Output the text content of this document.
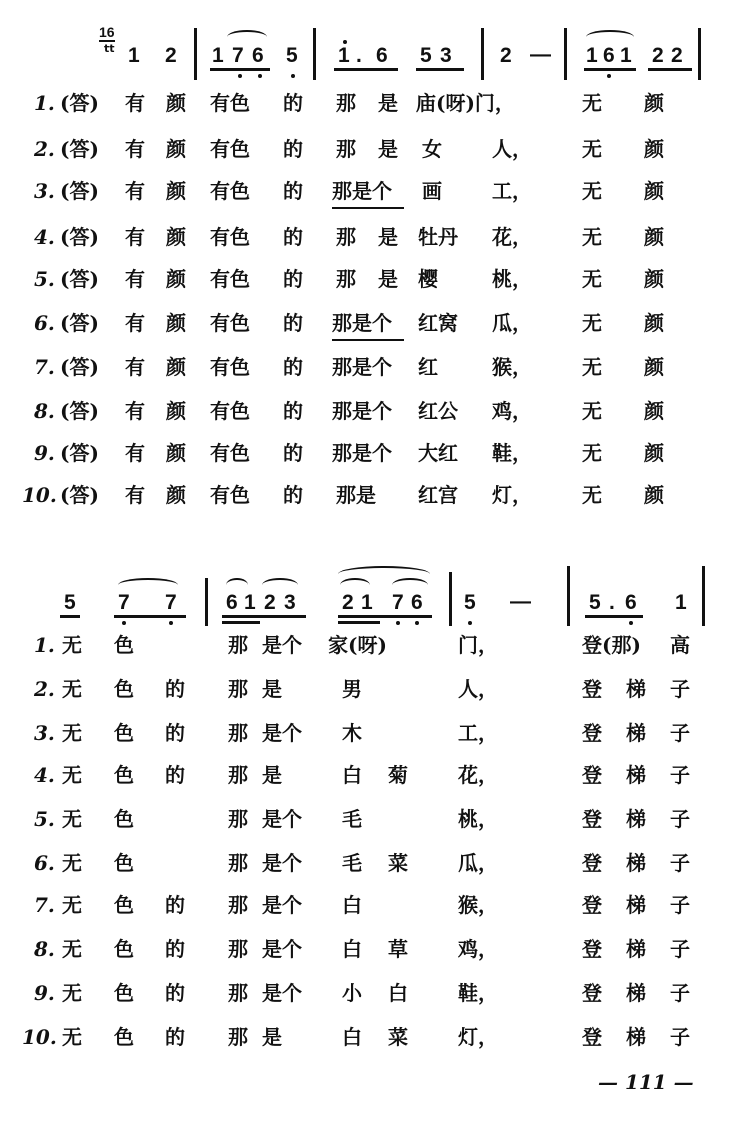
16
tt 1 2 1 7 6 5 1 . 6 5 3 2 — 1 6 1 2 2
1. (答) 有 颜 有色 的 那 是 庙(呀)门，	无 颜
2. (答) 有 颜 有色 的 那 是 女	人，	无 颜
3. (答) 有 颜 有色 的 那是个 画	工，	无 颜
4. (答) 有 颜 有色 的 那 是 牡丹 花，	无 颜
5. (答) 有 颜 有色 的 那 是 樱	桃，	无 颜
6. (答) 有 颜 有色 的 那是个 红窝 瓜，	无 颜
7. (答) 有 颜 有色 的 那是个 红	猴，	无 颜
8. (答) 有 颜 有色 的 那是个 红公 鸡，	无 颜
9. (答) 有 颜 有色 的 那是个 大红 鞋，	无 颜
10. (答) 有 颜 有色 的 那是 红宫 灯，	无 颜
5 7 7 6 1 2 3 2 1 7 6 5 —	5 . 6 1
1. 无 色	那 是个 家(呀)	门，	登(那) 高
2. 无 色 的 那 是	男	人，	登 梯 子
3. 无 色 的 那 是个 木	工，	登 梯 子
4. 无 色 的 那 是	白 菊	花，	登 梯 子
5. 无 色	那 是个 毛	桃，	登 梯 子
6. 无 色	那 是个 毛 菜	瓜，	登 梯 子
7. 无 色 的 那 是个 白	猴，	登 梯 子
8. 无 色 的 那 是个 白 草	鸡，	登 梯 子
9. 无 色 的 那 是个 小 白	鞋，	登 梯 子
10. 无 色 的 那 是	白 菜	灯，	登 梯 子
— 111 —
